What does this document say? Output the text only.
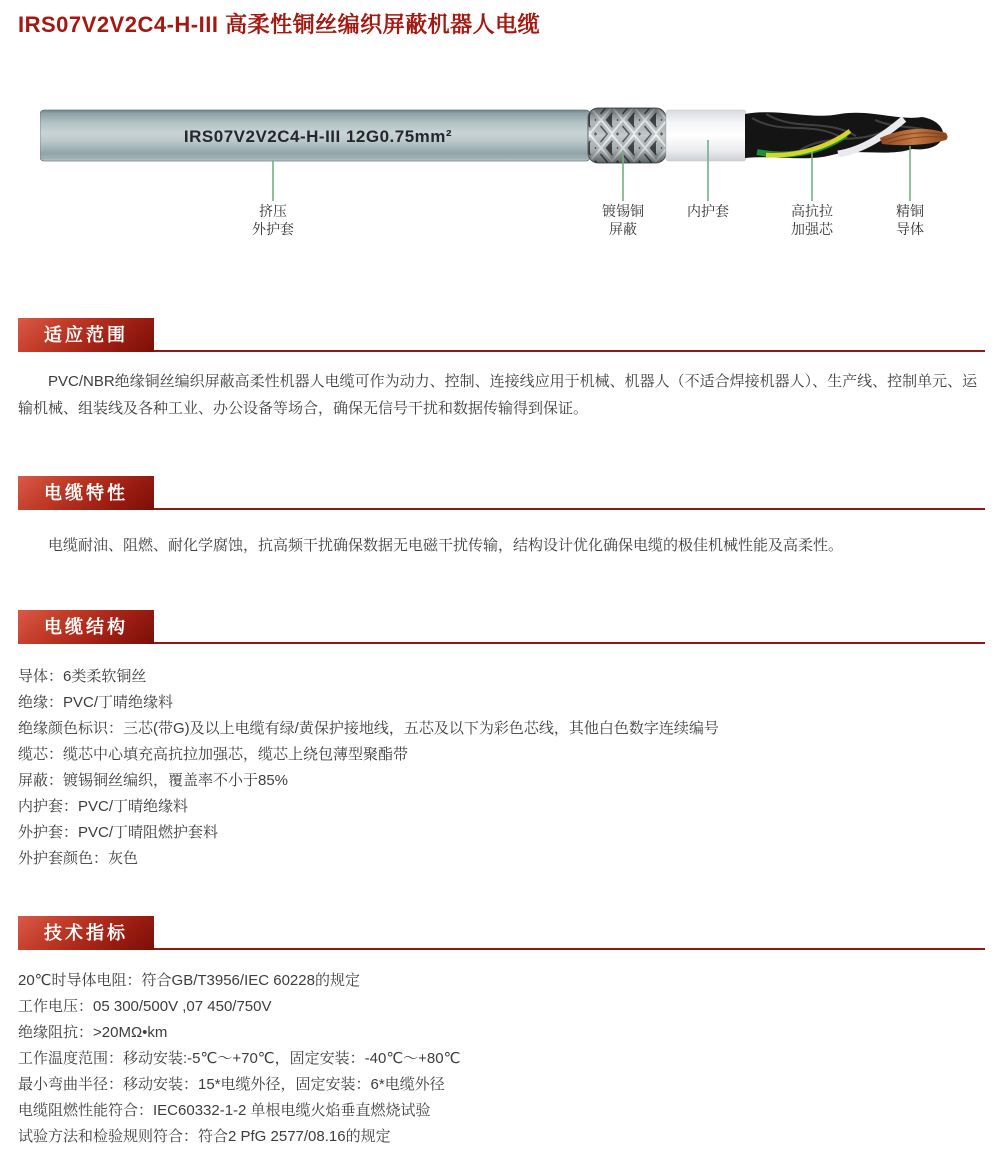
IRS07V2V2C4-H-III 高柔性铜丝编织屏蔽机器人电缆
IRS07V2V2C4-H-III 12G0.75mm²
挤压
外护套
镀锡铜
屏蔽
内护套	高抗拉
加强芯
精铜
导体
适应范围
PVC/NBR绝缘铜丝编织屏蔽高柔性机器人电缆可作为动力、控制、连接线应用于机械、机器人（不适合焊接机器人）、生产线、控制单元、运输机械、组装线及各种工业、办公设备等场合，确保无信号干扰和数据传输得到保证。
电缆特性
电缆耐油、阻燃、耐化学腐蚀，抗高频干扰确保数据无电磁干扰传输，结构设计优化确保电缆的极佳机械性能及高柔性。
电缆结构
导体：6类柔软铜丝
绝缘：PVC/丁晴绝缘料
绝缘颜色标识：三芯(带G)及以上电缆有绿/黄保护接地线，五芯及以下为彩色芯线，其他白色数字连续编号
缆芯：缆芯中心填充高抗拉加强芯，缆芯上绕包薄型聚酯带
屏蔽：镀锡铜丝编织，覆盖率不小于85%
内护套：PVC/丁晴绝缘料
外护套：PVC/丁晴阻燃护套料
外护套颜色：灰色
技术指标
20℃时导体电阻：符合GB/T3956/IEC 60228的规定
工作电压：05 300/500V ,07 450/750V
绝缘阻抗：>20MΩ•km
工作温度范围：移动安装:-5℃～+70℃，固定安装：-40℃～+80℃
最小弯曲半径：移动安装：15*电缆外径，固定安装：6*电缆外径
电缆阻燃性能符合：IEC60332-1-2 单根电缆火焰垂直燃烧试验
试验方法和检验规则符合：符合2 PfG 2577/08.16的规定
